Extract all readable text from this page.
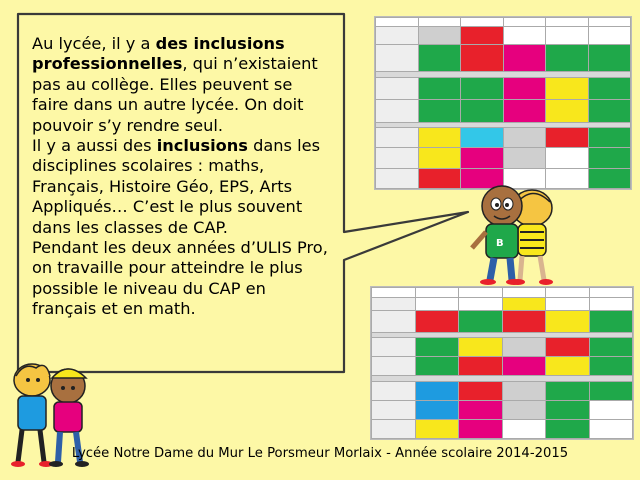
Au lycée, il y a des inclusions professionnelles, qui n’existaient pas au collège. Elles peuvent se faire dans un autre lycée. On doit pouvoir s’y rendre seul.
Il y a aussi des inclusions dans les disciplines scolaires : maths, Français, Histoire Géo, EPS, Arts Appliqués… C’est le plus souvent dans les classes de CAP.
Pendant les deux années d’ULIS Pro, on travaille pour atteindre le plus possible le niveau du CAP en français et en math.

B
Lycée Notre Dame du Mur Le Porsmeur Morlaix - Année scolaire 2014-2015
